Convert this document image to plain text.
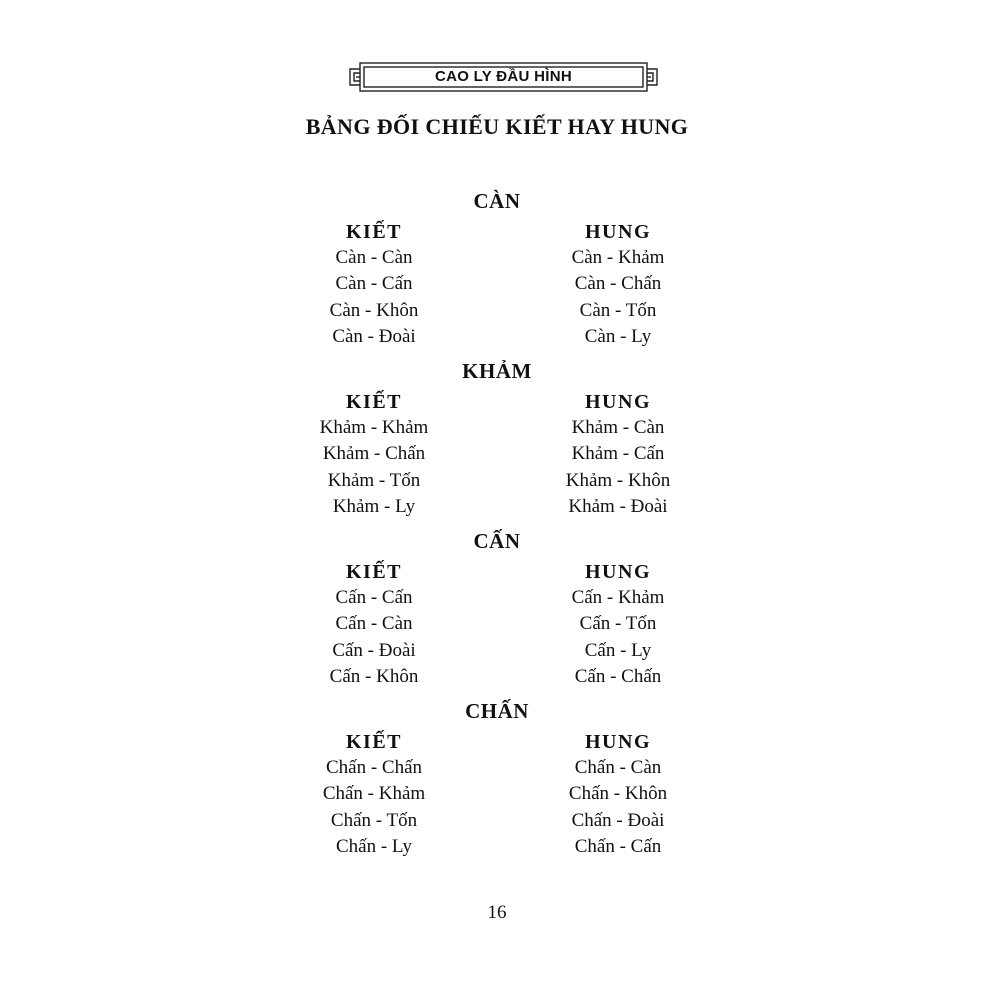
CAO LY ĐẦU HÌNH
BẢNG ĐỐI CHIẾU KIẾT HAY HUNG
CÀN
KIẾT
Càn - Càn
Càn - Cấn
Càn - Khôn
Càn - Đoài
HUNG
Càn - Khảm
Càn - Chấn
Càn - Tốn
Càn - Ly
KHẢM
KIẾT
Khảm - Khảm
Khảm - Chấn
Khảm - Tốn
Khảm - Ly
HUNG
Khảm - Càn
Khảm - Cấn
Khảm - Khôn
Khảm - Đoài
CẤN
KIẾT
Cấn - Cấn
Cấn - Càn
Cấn - Đoài
Cấn - Khôn
HUNG
Cấn - Khảm
Cấn - Tốn
Cấn - Ly
Cấn - Chấn
CHẤN
KIẾT
Chấn - Chấn
Chấn - Khảm
Chấn - Tốn
Chấn - Ly
HUNG
Chấn - Càn
Chấn - Khôn
Chấn - Đoài
Chấn - Cấn
16
